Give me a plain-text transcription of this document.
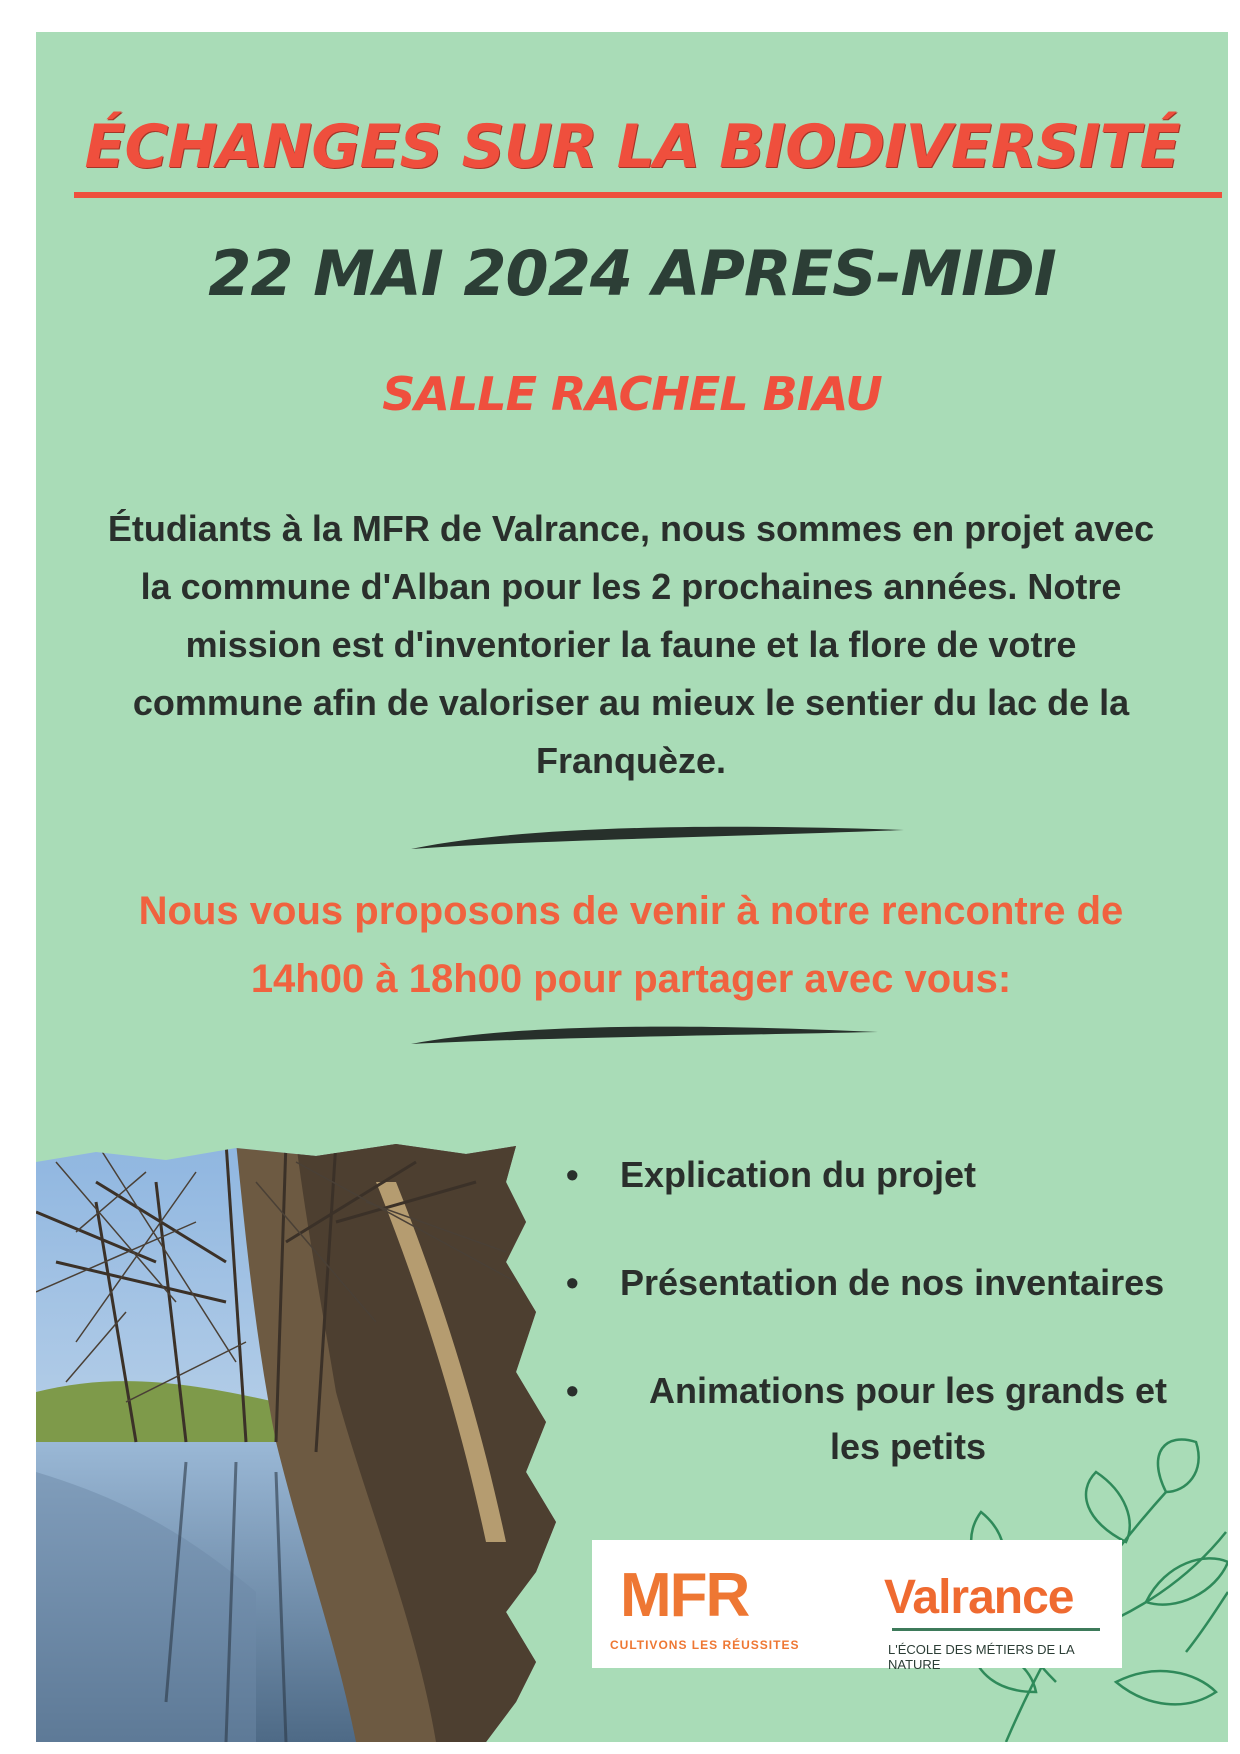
ÉCHANGES SUR LA BIODIVERSITÉ
22 MAI 2024 APRES-MIDI
SALLE RACHEL BIAU

Étudiants à la MFR de Valrance, nous sommes en projet avec
la commune d'Alban pour les 2 prochaines années. Notre
mission est d'inventorier la faune et la flore de votre
commune afin de valoriser au mieux le sentier du lac de la
Franquèze.

Nous vous proposons de venir à notre rencontre de
14h00 à 18h00 pour partager avec vous:

•	Explication du projet
•	Présentation de nos inventaires
•	Animations pour les grands et les petits
MFR
CULTIVONS LES RÉUSSITES
Valrance
L'ÉCOLE DES MÉTIERS DE LA NATURE
